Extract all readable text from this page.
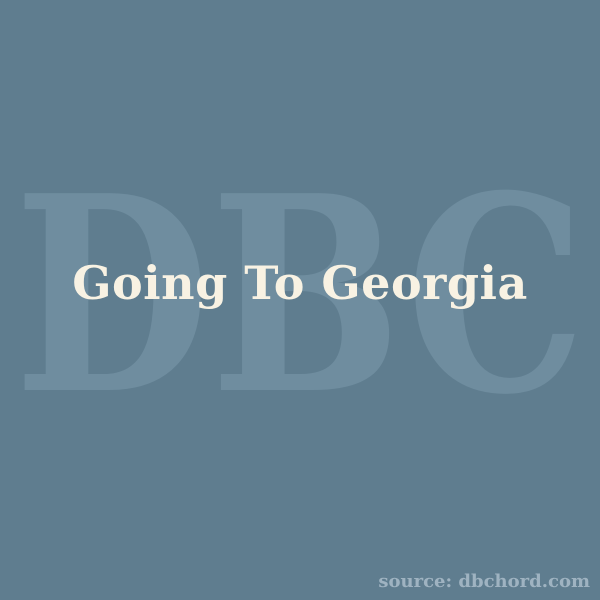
DBC
Going To Georgia
source: dbchord.com
